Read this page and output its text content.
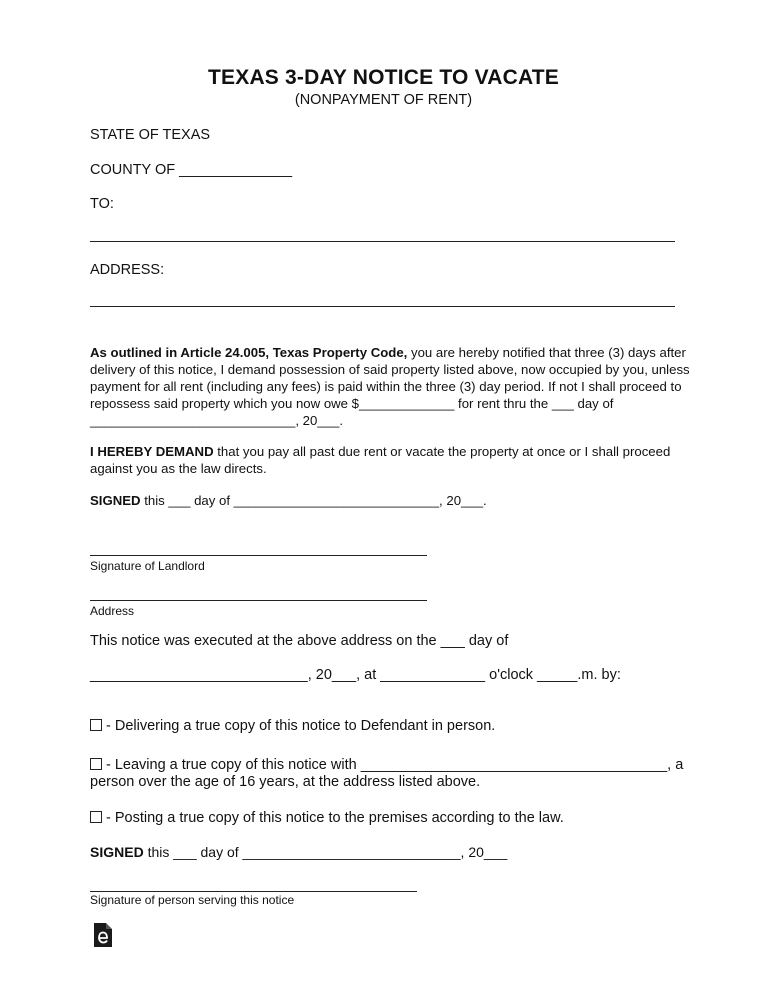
TEXAS 3-DAY NOTICE TO VACATE
(NONPAYMENT OF RENT)
STATE OF TEXAS
COUNTY OF ______________
TO:
ADDRESS:

As outlined in Article 24.005, Texas Property Code, you are hereby notified that three (3) days after delivery of this notice, I demand possession of said property listed above, now occupied by you, unless payment for all rent (including any fees) is paid within the three (3) day period. If not I shall proceed to repossess said property which you now owe $_____________ for rent thru the ___ day of ____________________________, 20___.

I HEREBY DEMAND that you pay all past due rent or vacate the property at once or I shall proceed against you as the law directs.

SIGNED this ___ day of ____________________________, 20___.

Signature of Landlord
Address
This notice was executed at the above address on the ___ day of
___________________________, 20___, at _____________ o'clock _____.m. by:
- Delivering a true copy of this notice to Defendant in person.
- Leaving a true copy of this notice with ______________________________________, a
person over the age of 16 years, at the address listed above.
- Posting a true copy of this notice to the premises according to the law.

SIGNED this ___ day of ____________________________, 20___

Signature of person serving this notice
